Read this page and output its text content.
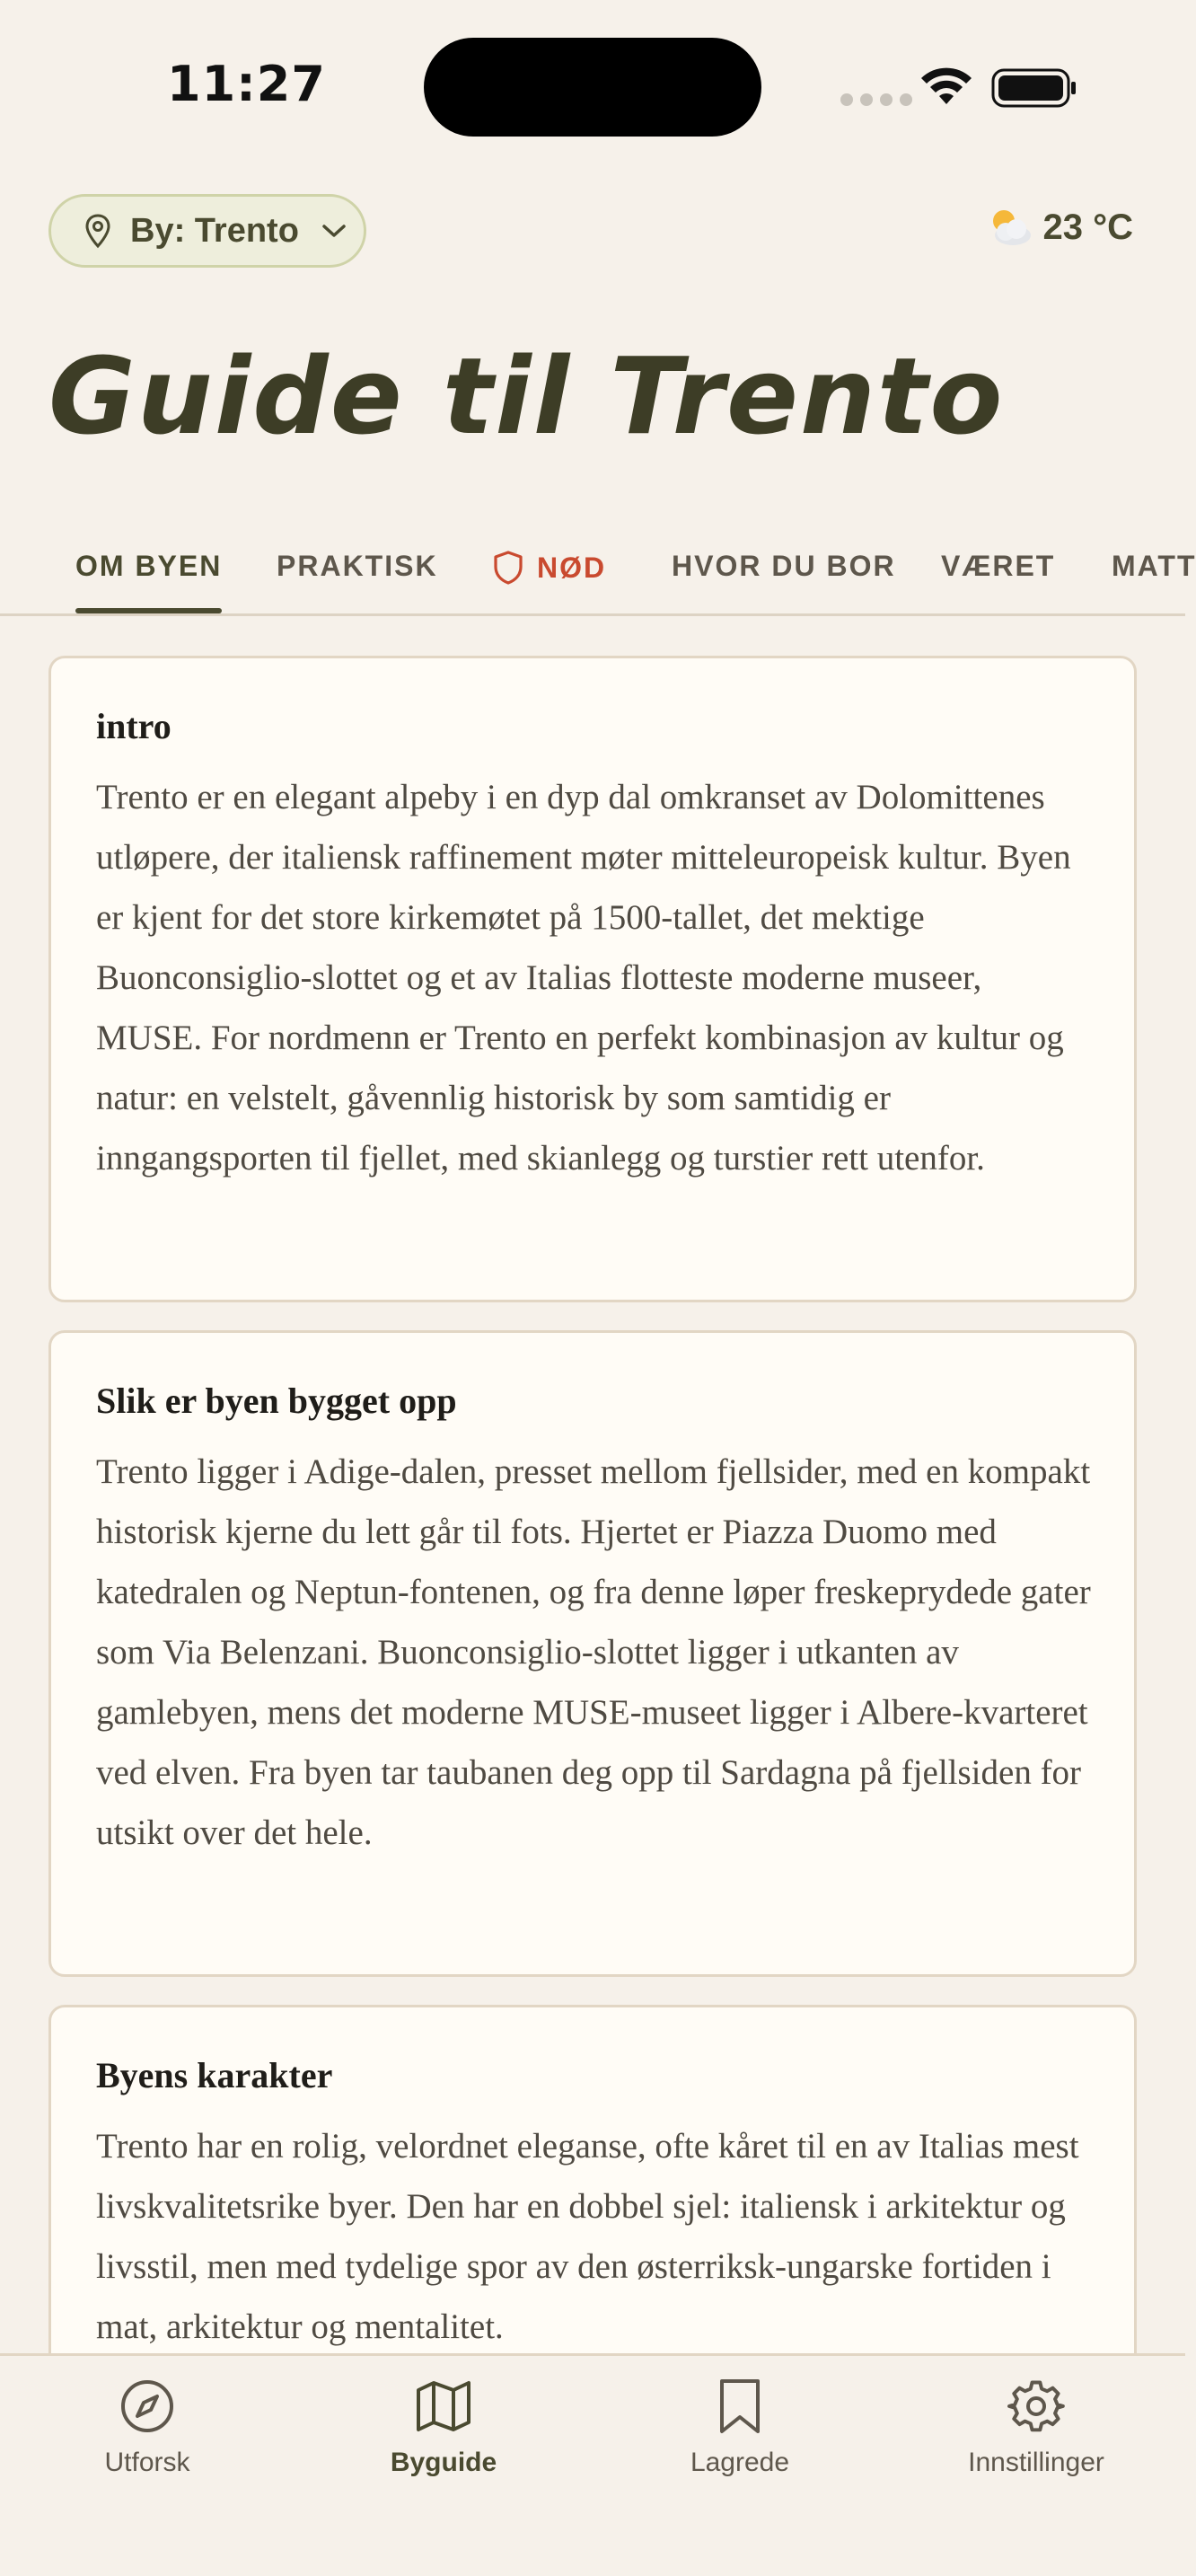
11:27
By: Trento	23 °C
Guide til Trento
OM BYEN PRAKTISK	NØD HVOR DU BOR VÆRET MATT
intro

Trento er en elegant alpeby i en dyp dal omkranset av Dolomittenes utløpere, der italiensk raffinement møter mitteleuropeisk kultur. Byen er kjent for det store kirkemøtet på 1500-tallet, det mektige Buonconsiglio-slottet og et av Italias flotteste moderne museer, MUSE. For nordmenn er Trento en perfekt kombinasjon av kultur og natur: en velstelt, gåvennlig historisk by som samtidig er inngangsporten til fjellet, med skianlegg og turstier rett utenfor.

Slik er byen bygget opp

Trento ligger i Adige-dalen, presset mellom fjellsider, med en kompakt historisk kjerne du lett går til fots. Hjertet er Piazza Duomo med katedralen og Neptun-fontenen, og fra denne løper freskeprydede gater som Via Belenzani. Buonconsiglio-slottet ligger i utkanten av gamlebyen, mens det moderne MUSE-museet ligger i Albere-kvarteret ved elven. Fra byen tar taubanen deg opp til Sardagna på fjellsiden for utsikt over det hele.

Byens karakter

Trento har en rolig, velordnet eleganse, ofte kåret til en av Italias mest livskvalitetsrike byer. Den har en dobbel sjel: italiensk i arkitektur og livsstil, men med tydelige spor av den østerriksk-ungarske fortiden i mat, arkitektur og mentalitet.

Utforsk	Byguide	Lagrede	Innstillinger
